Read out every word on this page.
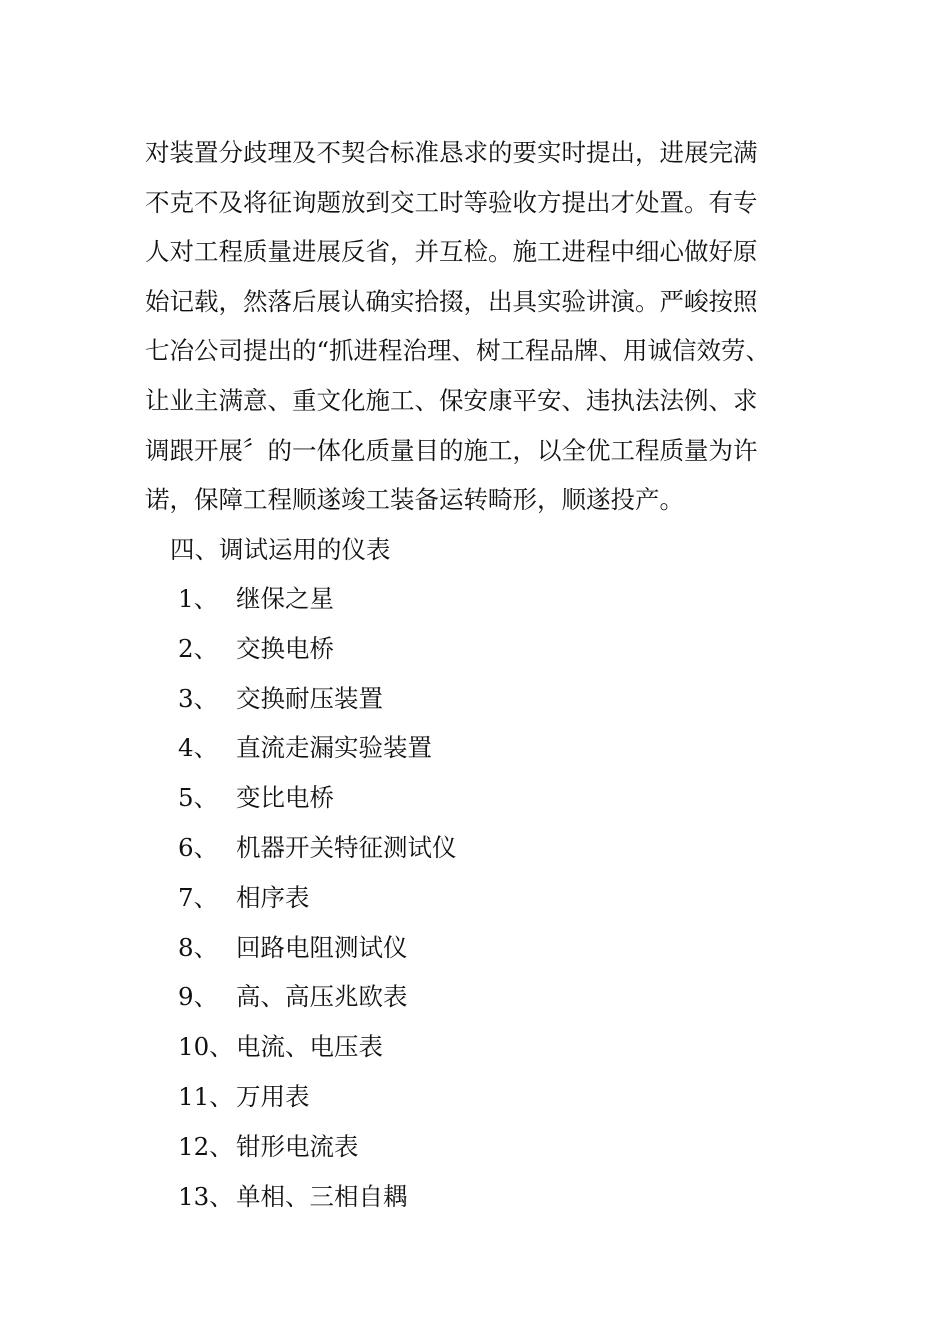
对装置分歧理及不契合标准恳求的要实时提出，进展完满
不克不及将征询题放到交工时等验收方提出才处置。有专
人对工程质量进展反省，并互检。施工进程中细心做好原
始记载，然落后展认确实拾掇，出具实验讲演。严峻按照
七冶公司提出的“抓进程治理、树工程品牌、用诚信效劳、
让业主满意、重文化施工、保安康平安、违执法法例、求
调跟开展〞的一体化质量目的施工，以全优工程质量为许
诺，保障工程顺遂竣工装备运转畸形，顺遂投产。

四、调试运用的仪表
1、 继保之星
2、 交换电桥
3、 交换耐压装置
4、 直流走漏实验装置
5、 变比电桥
6、 机器开关特征测试仪
7、 相序表
8、 回路电阻测试仪
9、 高、高压兆欧表
10、 电流、电压表
11、 万用表
12、 钳形电流表
13、 单相、三相自耦
